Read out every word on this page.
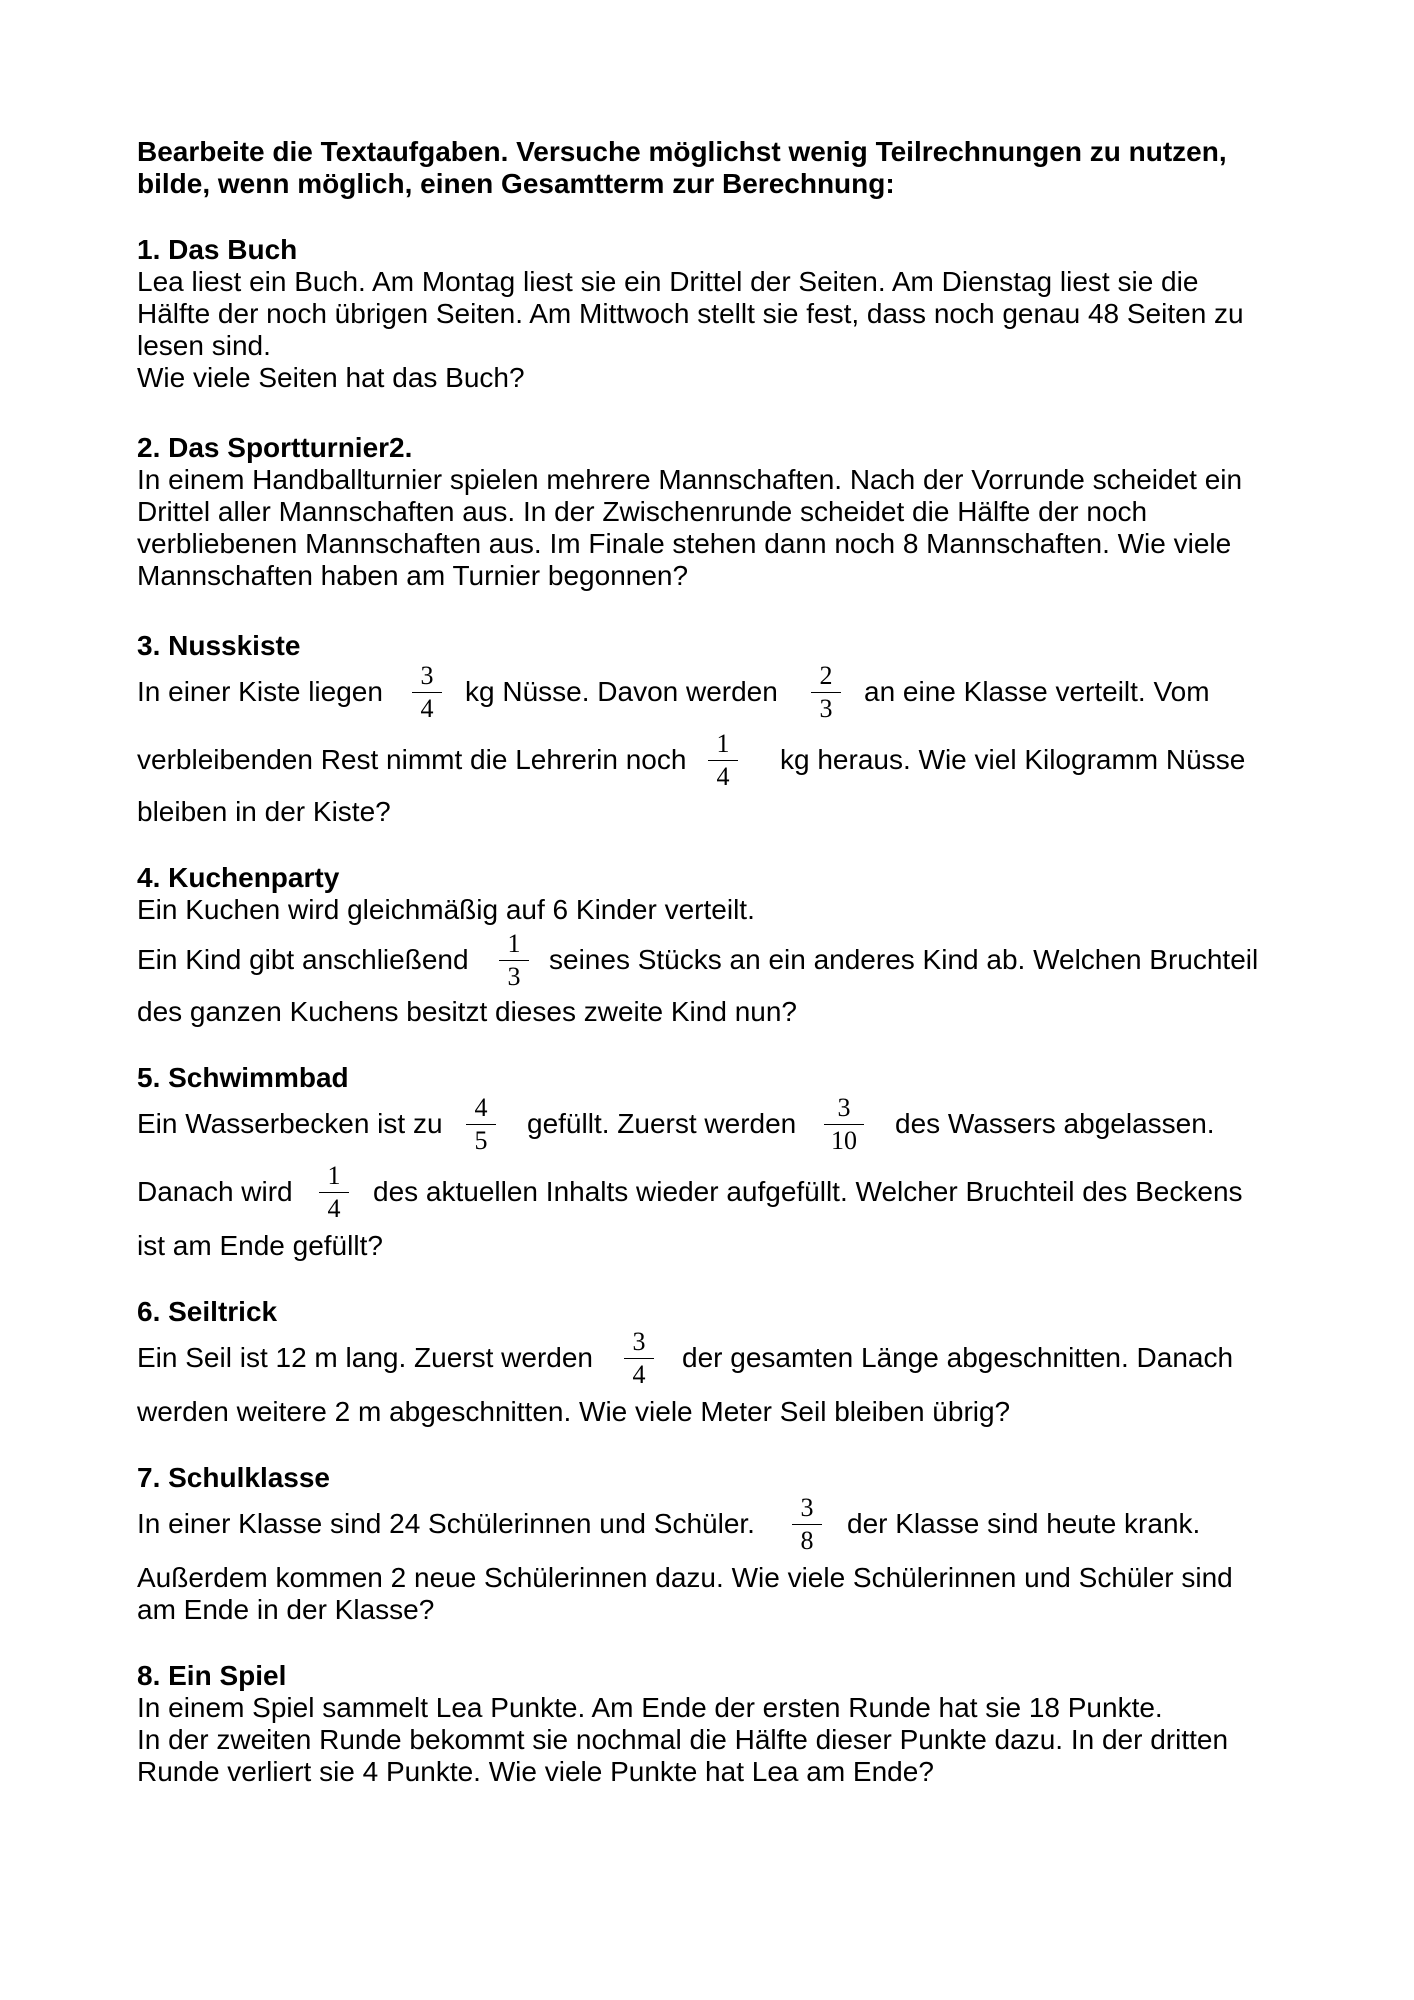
Bearbeite die Textaufgaben. Versuche möglichst wenig Teilrechnungen zu nutzen,
bilde, wenn möglich, einen Gesamtterm zur Berechnung:
1. Das Buch
Lea liest ein Buch. Am Montag liest sie ein Drittel der Seiten. Am Dienstag liest sie die
Hälfte der noch übrigen Seiten. Am Mittwoch stellt sie fest, dass noch genau 48 Seiten zu
lesen sind.
Wie viele Seiten hat das Buch?
2. Das Sportturnier2.
In einem Handballturnier spielen mehrere Mannschaften. Nach der Vorrunde scheidet ein
Drittel aller Mannschaften aus. In der Zwischenrunde scheidet die Hälfte der noch
verbliebenen Mannschaften aus. Im Finale stehen dann noch 8 Mannschaften. Wie viele
Mannschaften haben am Turnier begonnen?
3. Nusskiste
In einer Kiste liegen $\frac{3}{4}$ kg Nüsse. Davon werden $\frac{2}{3}$ an eine Klasse verteilt. Vom
verbleibenden Rest nimmt die Lehrerin noch $\frac{1}{4}$ kg heraus. Wie viel Kilogramm Nüsse
bleiben in der Kiste?
4. Kuchenparty
Ein Kuchen wird gleichmäßig auf 6 Kinder verteilt.
Ein Kind gibt anschließend $\frac{1}{3}$ seines Stücks an ein anderes Kind ab. Welchen Bruchteil
des ganzen Kuchens besitzt dieses zweite Kind nun?
5. Schwimmbad
Ein Wasserbecken ist zu $\frac{4}{5}$ gefüllt. Zuerst werden $\frac{3}{10}$ des Wassers abgelassen.
Danach wird $\frac{1}{4}$ des aktuellen Inhalts wieder aufgefüllt. Welcher Bruchteil des Beckens
ist am Ende gefüllt?
6. Seiltrick
Ein Seil ist 12 m lang. Zuerst werden $\frac{3}{4}$ der gesamten Länge abgeschnitten. Danach
werden weitere 2 m abgeschnitten. Wie viele Meter Seil bleiben übrig?
7. Schulklasse
In einer Klasse sind 24 Schülerinnen und Schüler. $\frac{3}{8}$ der Klasse sind heute krank.
Außerdem kommen 2 neue Schülerinnen dazu. Wie viele Schülerinnen und Schüler sind
am Ende in der Klasse?
8. Ein Spiel
In einem Spiel sammelt Lea Punkte. Am Ende der ersten Runde hat sie 18 Punkte.
In der zweiten Runde bekommt sie nochmal die Hälfte dieser Punkte dazu. In der dritten
Runde verliert sie 4 Punkte. Wie viele Punkte hat Lea am Ende?
